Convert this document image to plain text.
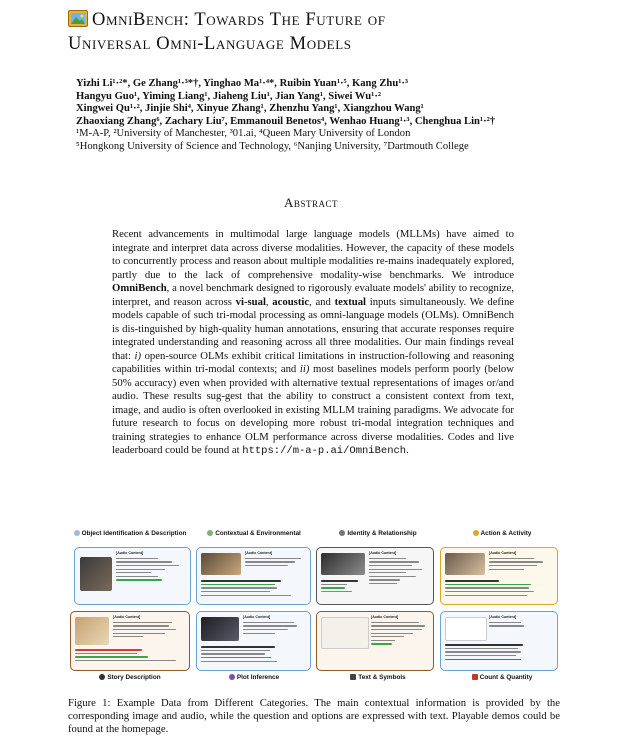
OmniBench: Towards The Future of
Universal Omni-Language Models
Yizhi Li¹·²*, Ge Zhang¹·³*†, Yinghao Ma¹·⁴*, Ruibin Yuan¹·⁵, Kang Zhu¹·³
Hangyu Guo¹, Yiming Liang¹, Jiaheng Liu¹, Jian Yang¹, Siwei Wu¹·²
Xingwei Qu¹·², Jinjie Shi⁴, Xinyue Zhang¹, Zhenzhu Yang¹, Xiangzhou Wang¹
Zhaoxiang Zhang⁶, Zachary Liu⁷, Emmanouil Benetos⁴, Wenhao Huang¹·³, Chenghua Lin¹·²†
¹M-A-P, ²University of Manchester, ³01.ai, ⁴Queen Mary University of London
⁵Hongkong University of Science and Technology, ⁶Nanjing University, ⁷Dartmouth College
Abstract
Recent advancements in multimodal large language models (MLLMs) have aimed to integrate and interpret data across diverse modalities. However, the capacity of these models to concurrently process and reason about multiple modalities re-mains inadequately explored, partly due to the lack of comprehensive modality-wise benchmarks. We introduce OmniBench, a novel benchmark designed to rigorously evaluate models' ability to recognize, interpret, and reason across vi-sual, acoustic, and textual inputs simultaneously. We define models capable of such tri-modal processing as omni-language models (OLMs). OmniBench is dis-tinguished by high-quality human annotations, ensuring that accurate responses require integrated understanding and reasoning across all three modalities. Our main findings reveal that: i) open-source OLMs exhibit critical limitations in instruction-following and reasoning capabilities within tri-modal contexts; and ii) most baselines models perform poorly (below 50% accuracy) even when provided with alternative textual representations of images or/and audio. These results sug-gest that the ability to construct a consistent context from text, image, and audio is often overlooked in existing MLLM training paradigms. We advocate for future research to focus on developing more robust tri-modal integration techniques and training strategies to enhance OLM performance across diverse modalities. Codes and live leaderboard could be found at https://m-a-p.ai/OmniBench.
Object Identification & Description	Contextual & Environmental	Identity & Relationship	Action & Activity
[Audio Content]	[Audio Content]	[Audio Content]	[Audio Content]
[Audio Content]	[Audio Content]	[Audio Content]	[Audio Content]
Story Description	Plot Inference	Text & Symbols	Count & Quantity
Figure 1: Example Data from Different Categories. The main contextual information is provided by the corresponding image and audio, while the question and options are expressed with text. Playable demos could be found at the homepage.
